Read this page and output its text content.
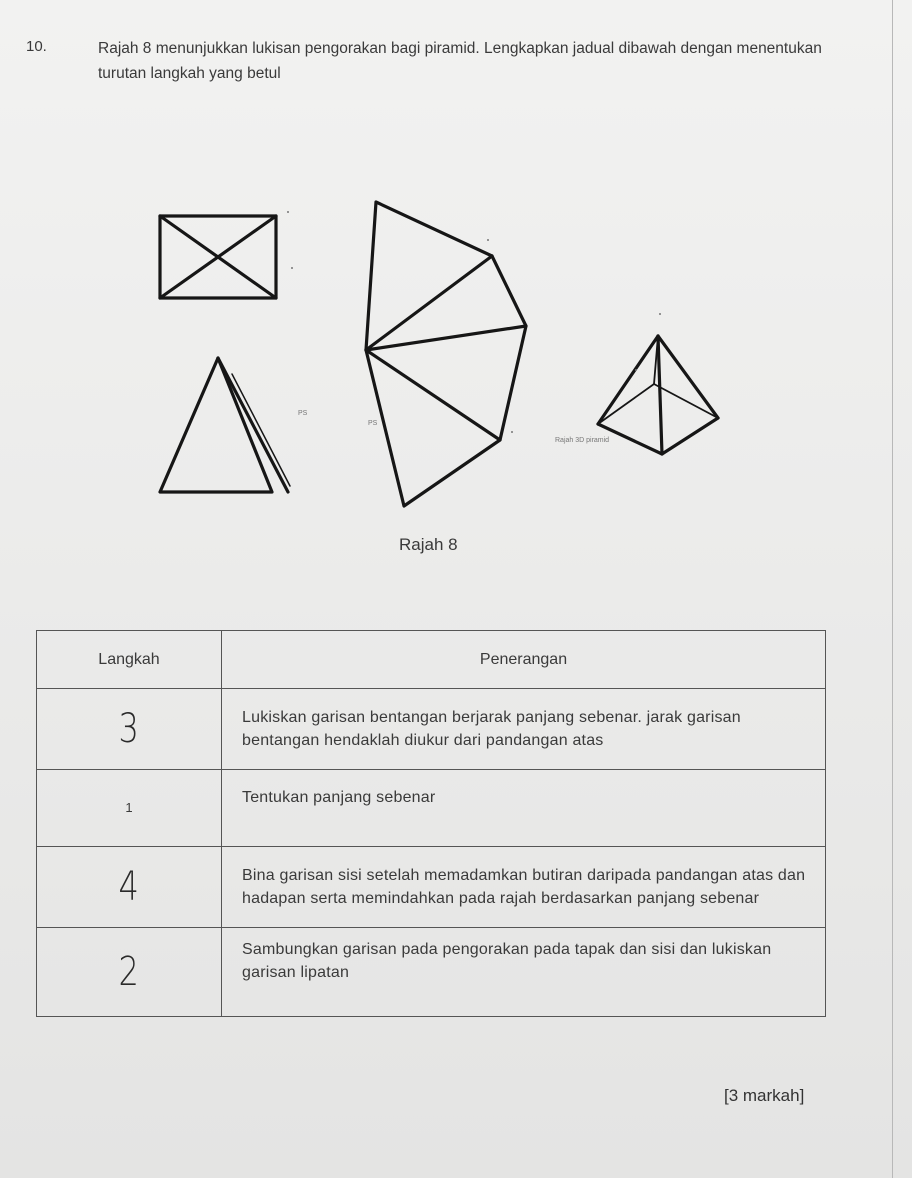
10.	Rajah 8 menunjukkan lukisan pengorakan bagi piramid. Lengkapkan jadual dibawah dengan menentukan turutan langkah yang betul
PS
PS
Rajah 3D piramid
Rajah 8
Langkah	Penerangan
3	Lukiskan garisan bentangan berjarak panjang sebenar. jarak garisan bentangan hendaklah diukur dari pandangan atas
1	Tentukan panjang sebenar
4	Bina garisan sisi setelah memadamkan butiran daripada pandangan atas dan hadapan serta memindahkan pada rajah berdasarkan panjang sebenar
2	Sambungkan garisan pada pengorakan pada tapak dan sisi dan lukiskan garisan lipatan
[3 markah]
